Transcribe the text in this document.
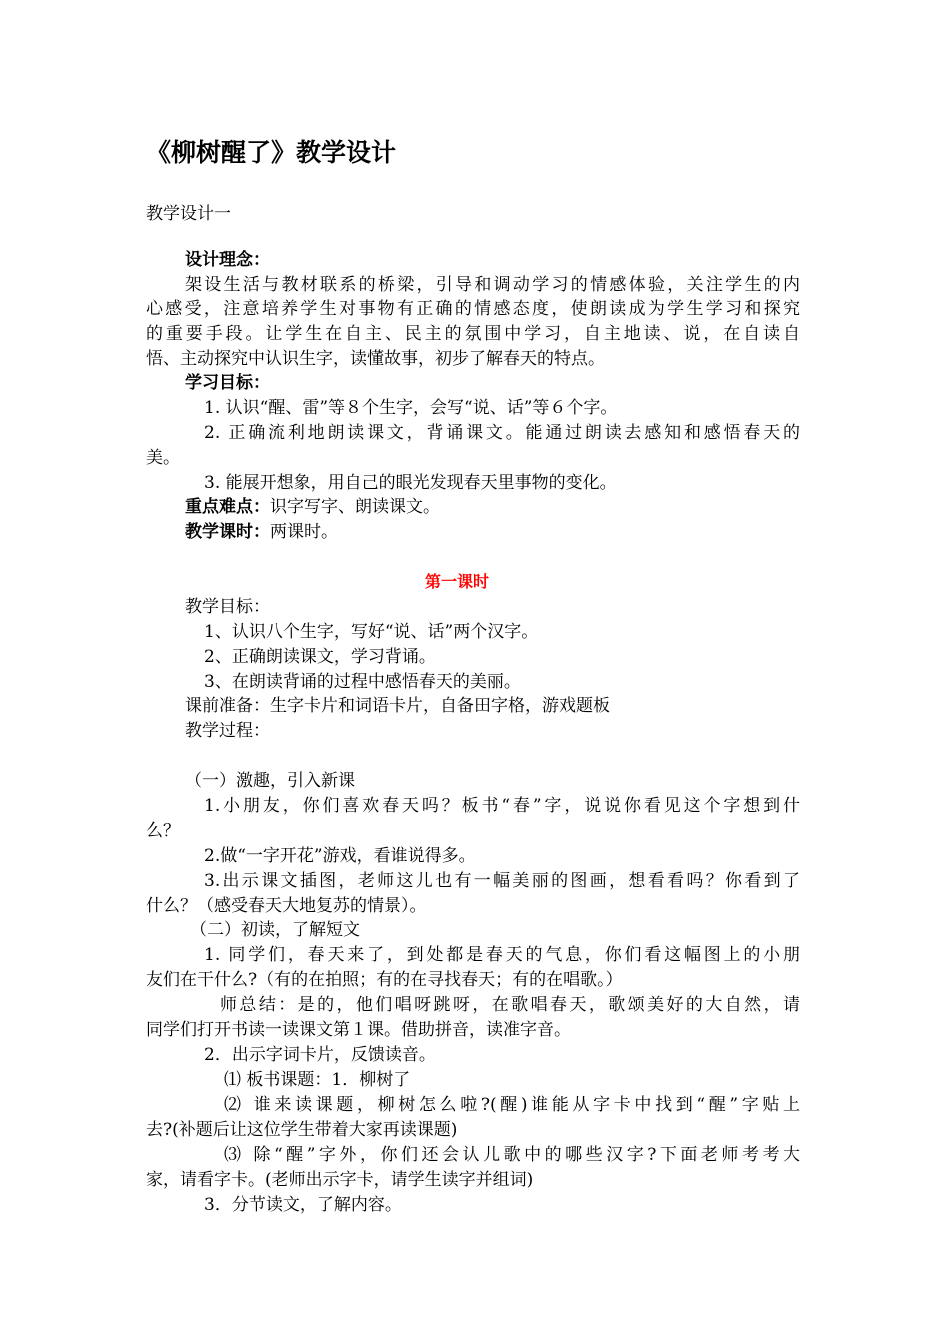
《柳树醒了》教学设计
教学设计一
设计理念：
架设生活与教材联系的桥梁，引导和调动学习的情感体验，关注学生的内
心感受，注意培养学生对事物有正确的情感态度，使朗读成为学生学习和探究
的重要手段。让学生在自主、民主的氛围中学习，自主地读、说，在自读自
悟、主动探究中认识生字，读懂故事，初步了解春天的特点。
学习目标：
1. 认识“醒、雷”等８个生字，会写“说、话”等６个字。
2. 正确流利地朗读课文，背诵课文。能通过朗读去感知和感悟春天的
美。
3. 能展开想象，用自己的眼光发现春天里事物的变化。
重点难点：识字写字、朗读课文。
教学课时：两课时。
第一课时
教学目标：
1、认识八个生字，写好“说、话”两个汉字。
2、正确朗读课文，学习背诵。
3、在朗读背诵的过程中感悟春天的美丽。
课前准备：生字卡片和词语卡片，自备田字格，游戏题板
教学过程：
（一）激趣，引入新课
1.小朋友，你们喜欢春天吗？板书“春”字，说说你看见这个字想到什
么？
2.做“一字开花”游戏，看谁说得多。
3.出示课文插图，老师这儿也有一幅美丽的图画，想看看吗？你看到了
什么？（感受春天大地复苏的情景）。
（二）初读，了解短文
1. 同学们，春天来了，到处都是春天的气息，你们看这幅图上的小朋
友们在干什么?（有的在拍照；有的在寻找春天；有的在唱歌。）
师总结：是的，他们唱呀跳呀，在歌唱春天，歌颂美好的大自然，请
同学们打开书读一读课文第１课。借助拼音，读准字音。
2．出示字词卡片，反馈读音。
⑴ 板书课题：1．柳树了
⑵ 谁来读课题，柳树怎么啦?(醒)谁能从字卡中找到“醒”字贴上
去?(补题后让这位学生带着大家再读课题)
⑶ 除“醒”字外，你们还会认儿歌中的哪些汉字?下面老师考考大
家，请看字卡。(老师出示字卡，请学生读字并组词)
3．分节读文，了解内容。
